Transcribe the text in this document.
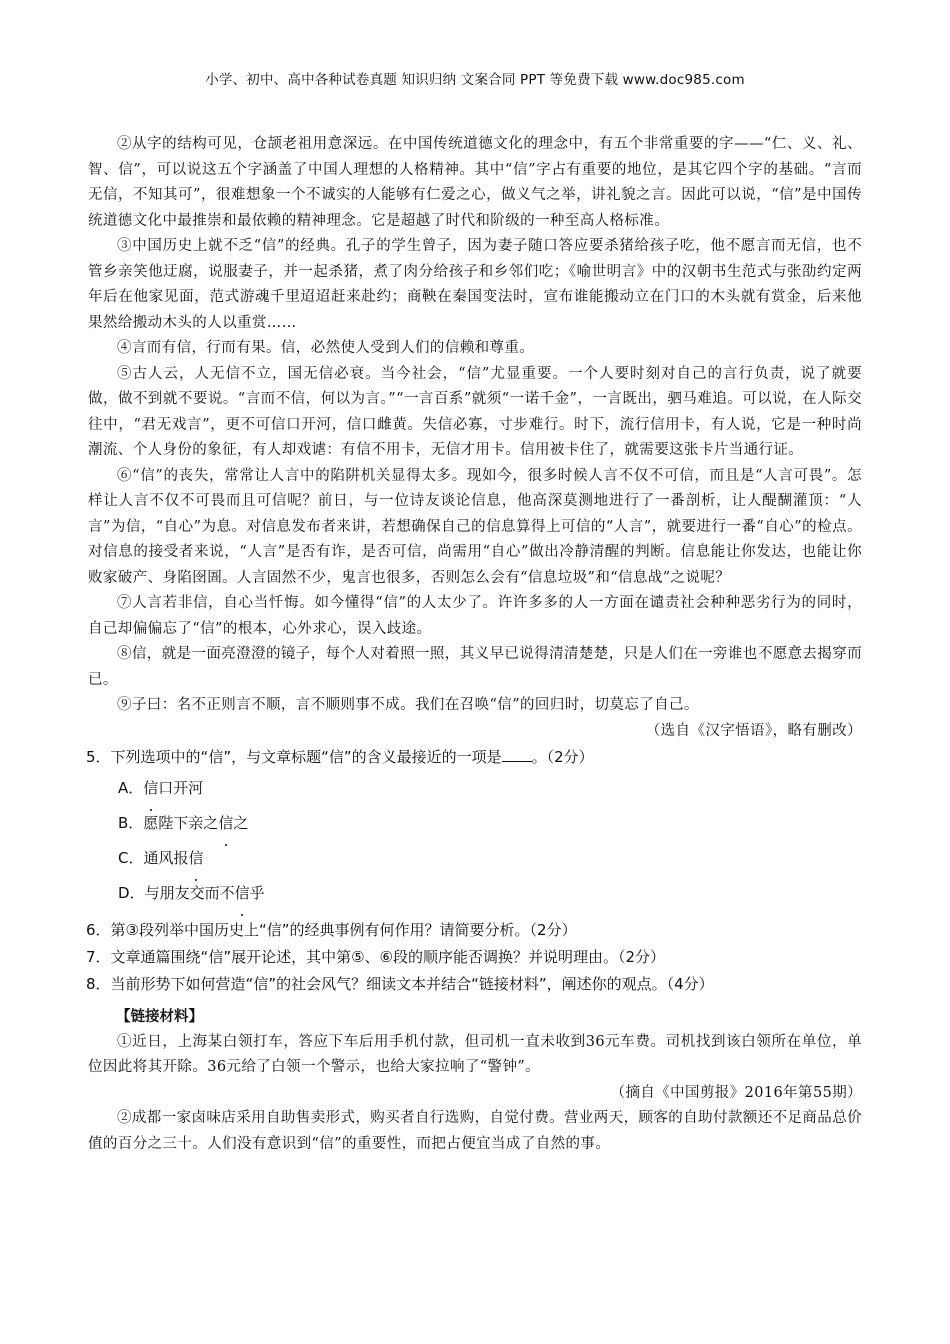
小学、初中、高中各种试卷真题 知识归纳 文案合同 PPT 等免费下载 www.doc985.com

②从字的结构可见，仓颉老祖用意深远。在中国传统道德文化的理念中，有五个非常重要的字——“仁、义、礼、智、信”，可以说这五个字涵盖了中国人理想的人格精神。其中“信”字占有重要的地位，是其它四个字的基础。“言而无信，不知其可”，很难想象一个不诚实的人能够有仁爱之心，做义气之举，讲礼貌之言。因此可以说，“信”是中国传统道德文化中最推崇和最依赖的精神理念。它是超越了时代和阶级的一种至高人格标准。

③中国历史上就不乏“信”的经典。孔子的学生曾子，因为妻子随口答应要杀猪给孩子吃，他不愿言而无信，也不管乡亲笑他迂腐，说服妻子，并一起杀猪，煮了肉分给孩子和乡邻们吃；《喻世明言》中的汉朝书生范式与张劭约定两年后在他家见面，范式游魂千里迢迢赶来赴约；商鞅在秦国变法时，宣布谁能搬动立在门口的木头就有赏金，后来他果然给搬动木头的人以重赏……

④言而有信，行而有果。信，必然使人受到人们的信赖和尊重。

⑤古人云，人无信不立，国无信必衰。当今社会，“信”尤显重要。一个人要时刻对自己的言行负责，说了就要做，做不到就不要说。“言而不信，何以为言。”“一言百系”就须“一诺千金”，一言既出，驷马难追。可以说，在人际交往中，“君无戏言”，更不可信口开河，信口雌黄。失信必寡，寸步难行。时下，流行信用卡，有人说，它是一种时尚潮流、个人身份的象征，有人却戏谑：有信不用卡，无信才用卡。信用被卡住了，就需要这张卡片当通行证。

⑥“信”的丧失，常常让人言中的陷阱机关显得太多。现如今，很多时候人言不仅不可信，而且是“人言可畏”。怎样让人言不仅不可畏而且可信呢？前日，与一位诗友谈论信息，他高深莫测地进行了一番剖析，让人醍醐灌顶：“人言”为信，“自心”为息。对信息发布者来讲，若想确保自己的信息算得上可信的“人言”，就要进行一番“自心”的检点。对信息的接受者来说，“人言”是否有诈，是否可信，尚需用“自心”做出冷静清醒的判断。信息能让你发达，也能让你败家破产、身陷囹圄。人言固然不少，鬼言也很多，否则怎么会有“信息垃圾”和“信息战”之说呢？

⑦人言若非信，自心当忏悔。如今懂得“信”的人太少了。许许多多的人一方面在谴责社会种种恶劣行为的同时，自己却偏偏忘了“信”的根本，心外求心，误入歧途。

⑧信，就是一面亮澄澄的镜子，每个人对着照一照，其义早已说得清清楚楚，只是人们在一旁谁也不愿意去揭穿而已。

⑨子曰：名不正则言不顺，言不顺则事不成。我们在召唤“信”的回归时，切莫忘了自己。

（选自《汉字悟语》，略有删改）

5．下列选项中的“信”，与文章标题“信”的含义最接近的一项是 。（2分）
A．信口开河
B．愿陛下亲之信之
C．通风报信
D．与朋友交而不信乎
6．第③段列举中国历史上“信”的经典事例有何作用？请简要分析。（2分）
7．文章通篇围绕“信”展开论述，其中第⑤、⑥段的顺序能否调换？并说明理由。（2分）
8．当前形势下如何营造“信”的社会风气？细读文本并结合“链接材料”，阐述你的观点。（4分）
【链接材料】

①近日，上海某白领打车，答应下车后用手机付款，但司机一直未收到36元车费。司机找到该白领所在单位，单位因此将其开除。36元给了白领一个警示，也给大家拉响了“警钟”。

（摘自《中国剪报》2016年第55期）

②成都一家卤味店采用自助售卖形式，购买者自行选购，自觉付费。营业两天，顾客的自助付款额还不足商品总价值的百分之三十。人们没有意识到“信”的重要性，而把占便宜当成了自然的事。
